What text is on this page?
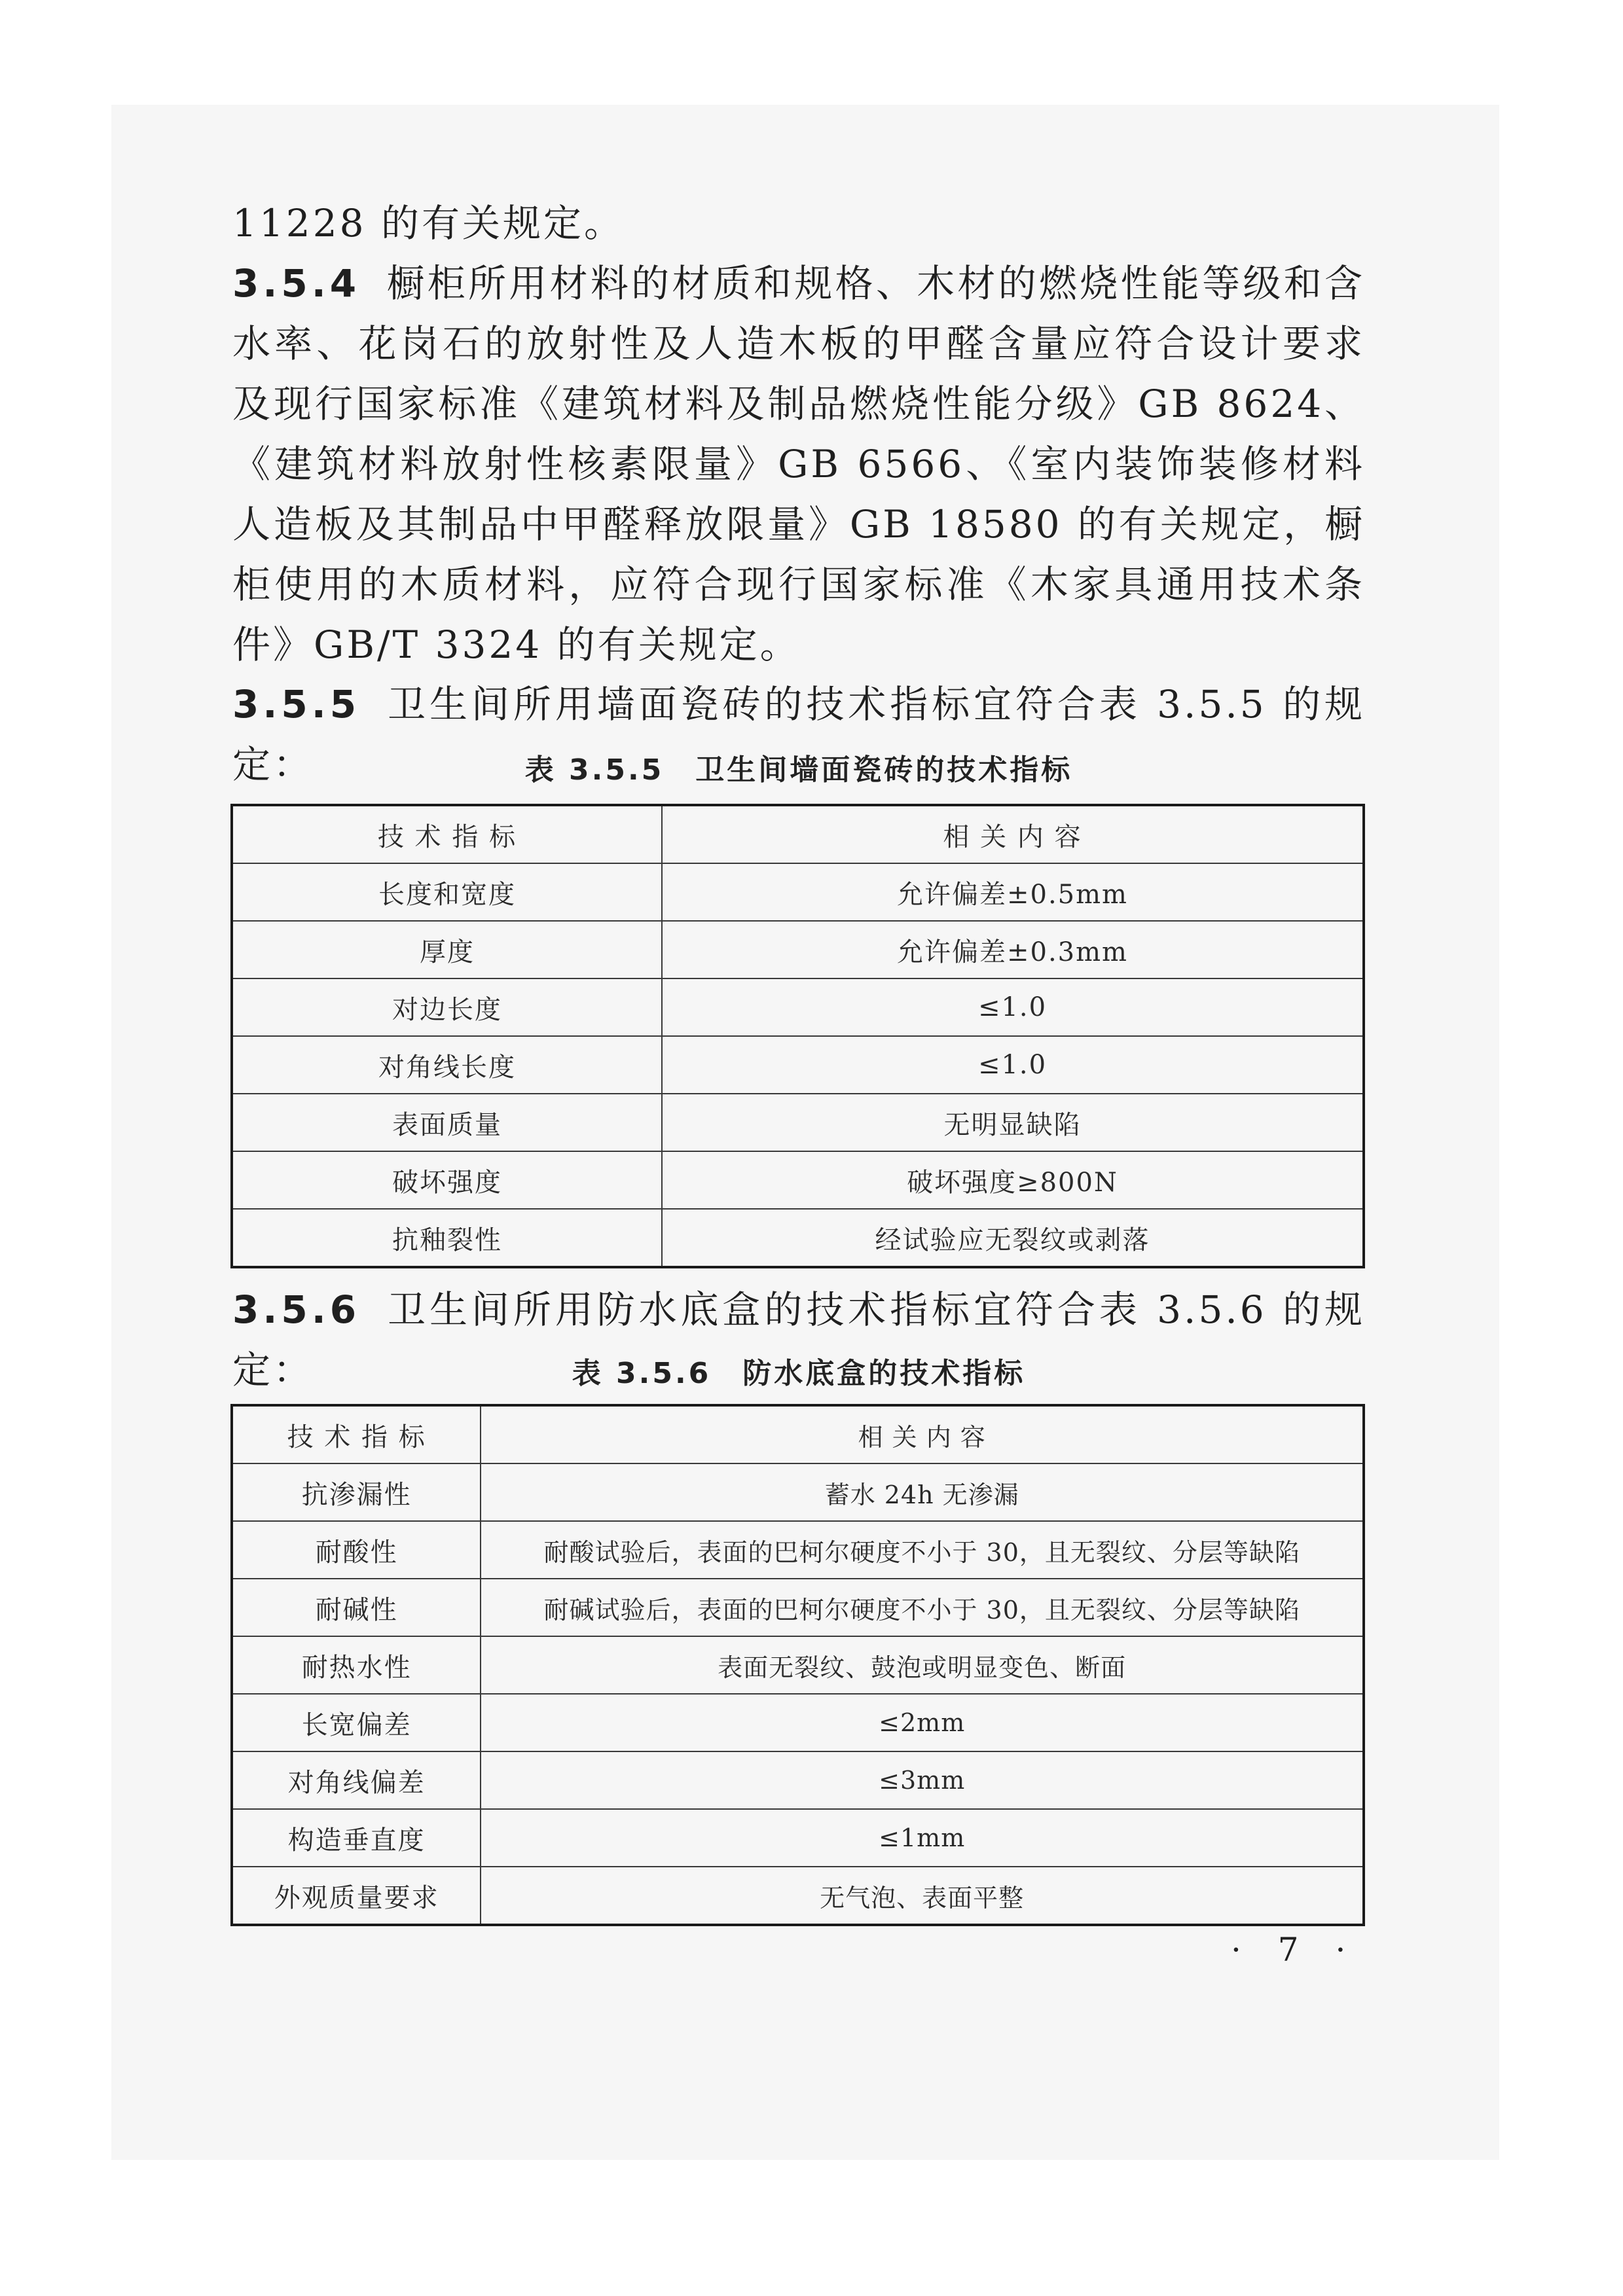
11228 的有关规定。

3.5.4 橱柜所用材料的材质和规格、木材的燃烧性能等级和含水率、花岗石的放射性及人造木板的甲醛含量应符合设计要求及现行国家标准《建筑材料及制品燃烧性能分级》GB 8624、《建筑材料放射性核素限量》GB 6566、《室内装饰装修材料 人造板及其制品中甲醛释放限量》GB 18580 的有关规定，橱柜使用的木质材料，应符合现行国家标准《木家具通用技术条件》GB/T 3324 的有关规定。

3.5.5 卫生间所用墙面瓷砖的技术指标宜符合表 3.5.5 的规定：	表 3.5.5　卫生间墙面瓷砖的技术指标

技 术 指 标	相 关 内 容
长度和宽度	允许偏差±0.5mm
厚度	允许偏差±0.3mm
对边长度	≤1.0
对角线长度	≤1.0
表面质量	无明显缺陷
破坏强度	破坏强度≥800N
抗釉裂性	经试验应无裂纹或剥落

3.5.6 卫生间所用防水底盒的技术指标宜符合表 3.5.6 的规定：	表 3.5.6　防水底盒的技术指标

技 术 指 标	相 关 内 容
抗渗漏性	蓄水 24h 无渗漏
耐酸性	耐酸试验后，表面的巴柯尔硬度不小于 30，且无裂纹、分层等缺陷
耐碱性	耐碱试验后，表面的巴柯尔硬度不小于 30，且无裂纹、分层等缺陷
耐热水性	表面无裂纹、鼓泡或明显变色、断面
长宽偏差	≤2mm
对角线偏差	≤3mm
构造垂直度	≤1mm
外观质量要求	无气泡、表面平整

· 7 ·
